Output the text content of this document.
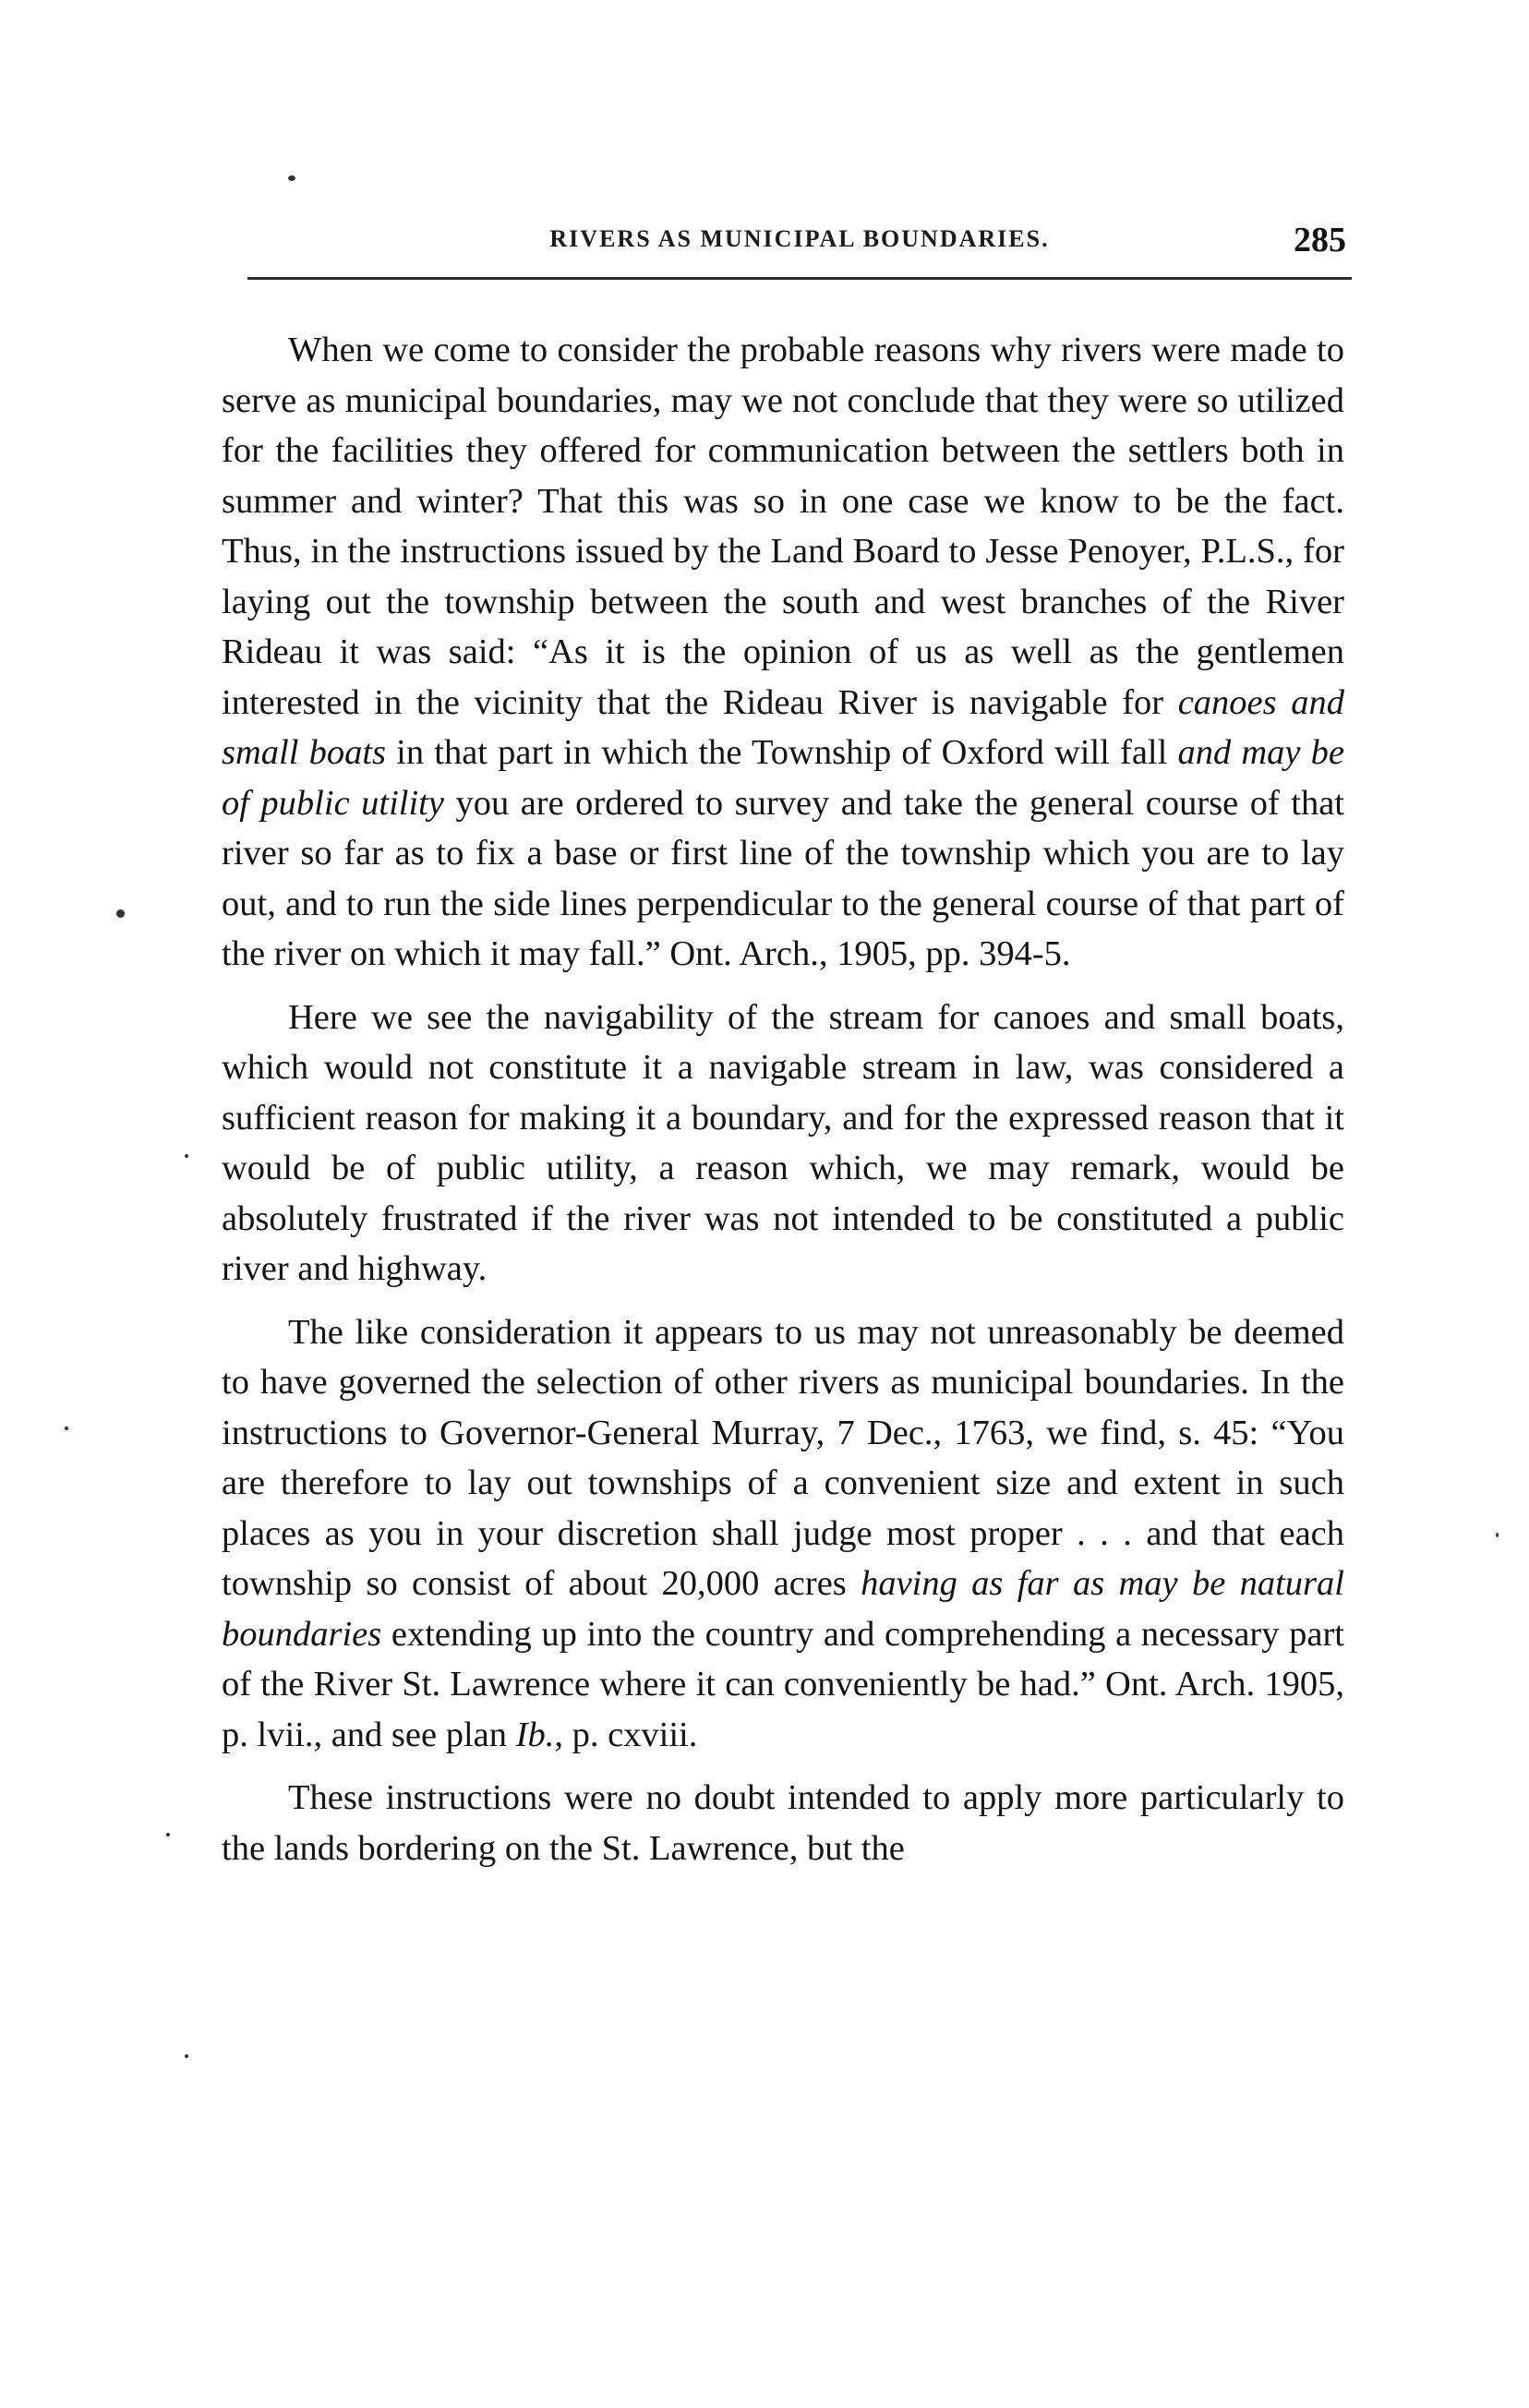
RIVERS AS MUNICIPAL BOUNDARIES.	285

When we come to consider the probable reasons why rivers were made to serve as municipal boundaries, may we not conclude that they were so utilized for the facilities they offered for communication between the settlers both in summer and winter? That this was so in one case we know to be the fact. Thus, in the instructions issued by the Land Board to Jesse Penoyer, P.L.S., for laying out the township between the south and west branches of the River Rideau it was said: “As it is the opinion of us as well as the gentlemen interested in the vicinity that the Rideau River is navigable for canoes and small boats in that part in which the Township of Oxford will fall and may be of public utility you are ordered to survey and take the general course of that river so far as to fix a base or first line of the township which you are to lay out, and to run the side lines perpendicular to the general course of that part of the river on which it may fall.” Ont. Arch., 1905, pp. 394-5.

Here we see the navigability of the stream for canoes and small boats, which would not constitute it a navigable stream in law, was considered a sufficient reason for making it a boundary, and for the expressed reason that it would be of public utility, a reason which, we may remark, would be absolutely frustrated if the river was not intended to be constituted a public river and highway.

The like consideration it appears to us may not unreasonably be deemed to have governed the selection of other rivers as municipal boundaries. In the instructions to Governor-General Murray, 7 Dec., 1763, we find, s. 45: “You are therefore to lay out townships of a convenient size and extent in such places as you in your discretion shall judge most proper . . . and that each township so consist of about 20,000 acres having as far as may be natural boundaries extending up into the country and comprehending a necessary part of the River St. Lawrence where it can conveniently be had.” Ont. Arch. 1905, p. lvii., and see plan Ib., p. cxviii.

These instructions were no doubt intended to apply more particularly to the lands bordering on the St. Lawrence, but the
